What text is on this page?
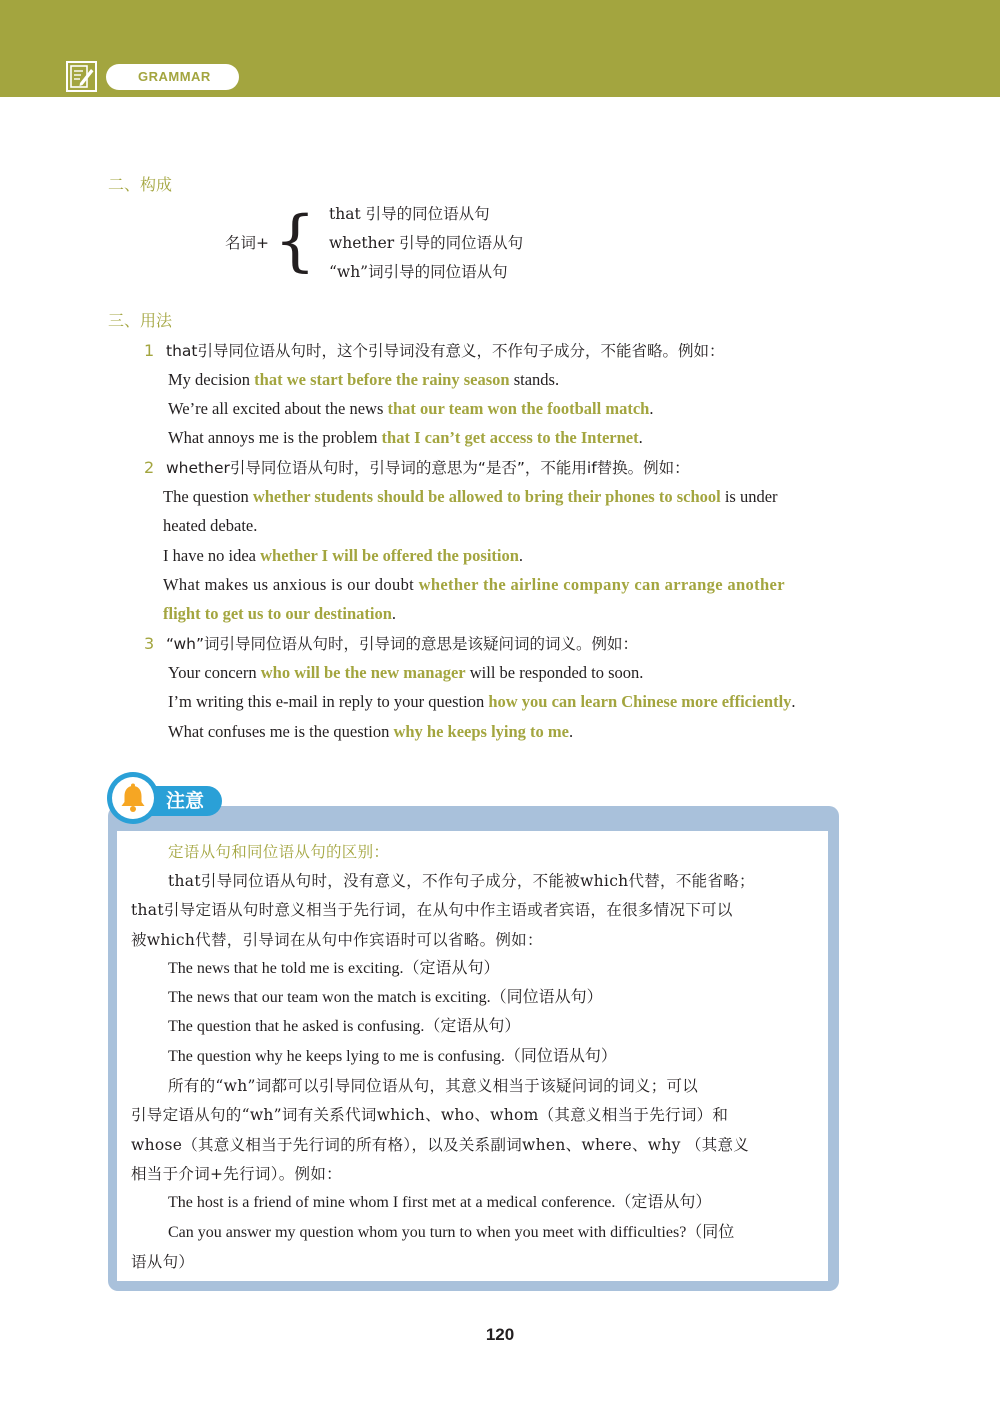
GRAMMAR
二、构成
名词+ { that 引导的同位语从句
whether 引导的同位语从句
“wh”词引导的同位语从句
三、用法
1 that引导同位语从句时，这个引导词没有意义，不作句子成分，不能省略。例如：
My decision that we start before the rainy season stands.
We’re all excited about the news that our team won the football match.
What annoys me is the problem that I can’t get access to the Internet.
2 whether引导同位语从句时，引导词的意思为“是否”，不能用if替换。例如：
The question whether students should be allowed to bring their phones to school is under
heated debate.
I have no idea whether I will be offered the position.
What makes us anxious is our doubt whether the airline company can arrange another
flight to get us to our destination.
3 “wh”词引导同位语从句时，引导词的意思是该疑问词的词义。例如：
Your concern who will be the new manager will be responded to soon.
I’m writing this e-mail in reply to your question how you can learn Chinese more efficiently.
What confuses me is the question why he keeps lying to me.
注意
定语从句和同位语从句的区别：
that引导同位语从句时，没有意义，不作句子成分，不能被which代替，不能省略；
that引导定语从句时意义相当于先行词，在从句中作主语或者宾语，在很多情况下可以
被which代替，引导词在从句中作宾语时可以省略。例如：
The news that he told me is exciting.（定语从句）
The news that our team won the match is exciting.（同位语从句）
The question that he asked is confusing.（定语从句）
The question why he keeps lying to me is confusing.（同位语从句）
所有的“wh”词都可以引导同位语从句，其意义相当于该疑问词的词义；可以
引导定语从句的“wh”词有关系代词which、who、whom（其意义相当于先行词）和
whose（其意义相当于先行词的所有格），以及关系副词when、where、why （其意义
相当于介词+先行词）。例如：
The host is a friend of mine whom I first met at a medical conference.（定语从句）
Can you answer my question whom you turn to when you meet with difficulties?（同位
语从句）
120
